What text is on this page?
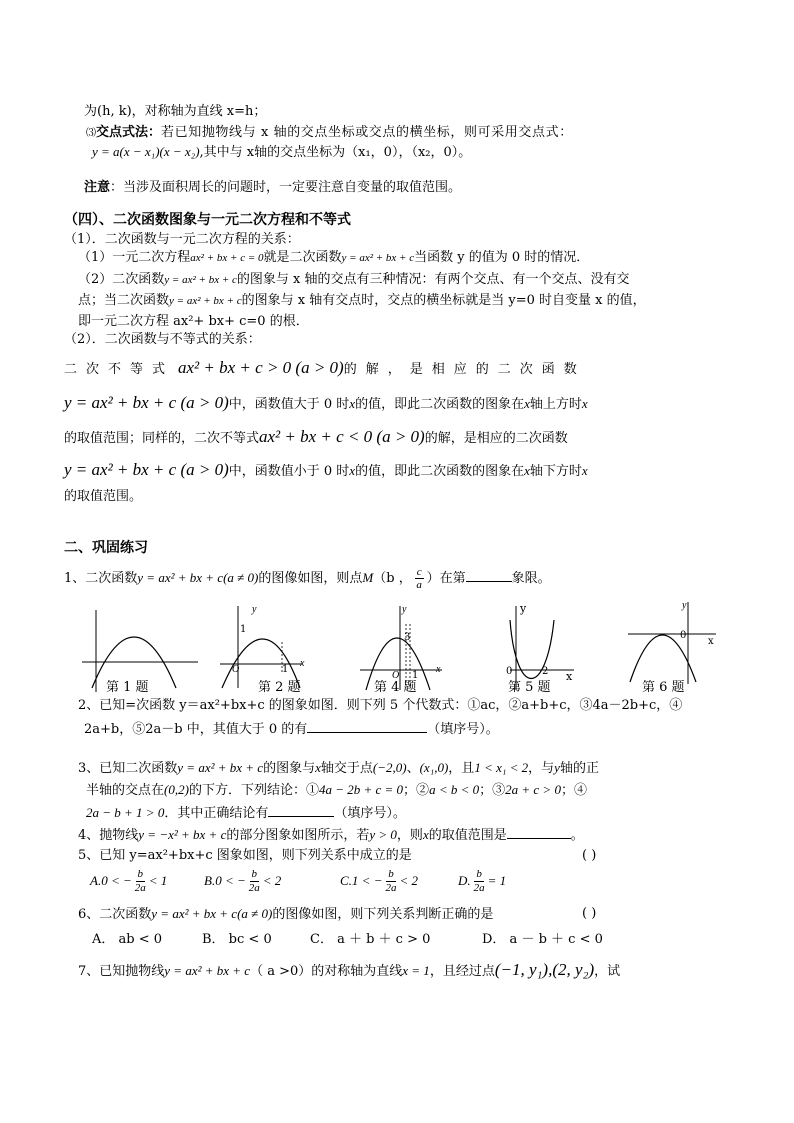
为(h, k)，对称轴为直线 x=h；
⑶交点式法：若已知抛物线与 x 轴的交点坐标或交点的横坐标，则可采用交点式：
y = a(x − x₁)(x − x₂),其中与 x轴的交点坐标为（x₁，0），（x₂，0）。
注意：当涉及面积周长的问题时，一定要注意自变量的取值范围。
（四）、二次函数图象与一元二次方程和不等式
（1）．二次函数与一元二次方程的关系：
（1）一元二次方程ax² + bx + c = 0就是二次函数y = ax² + bx + c当函数 y 的值为 0 时的情况．
（2）二次函数y = ax² + bx + c的图象与 x 轴的交点有三种情况：有两个交点、有一个交点、没有交
点；当二次函数y = ax² + bx + c的图象与 x 轴有交点时，交点的横坐标就是当 y=0 时自变量 x 的值，
即一元二次方程 ax²+ bx+ c=0 的根．
（2）．二次函数与不等式的关系：
二次不等式 ax² + bx + c > 0 (a > 0)的解，是相应的二次函数
y = ax² + bx + c (a > 0)中，函数值大于 0 时x的值，即此二次函数的图象在x轴上方时x
的取值范围；同样的，二次不等式ax² + bx + c < 0 (a > 0)的解，是相应的二次函数
y = ax² + bx + c (a > 0)中，函数值小于 0 时x的值，即此二次函数的图象在x轴下方时x
的取值范围。
二、巩固练习
1、二次函数y = ax² + bx + c(a ≠ 0)的图像如图，则点M（b ， $\frac{c}{a}$ ）在第	象限。
第 1 题
y
1
O	1
x
第 2 题
y
3
O 1
x
第 4 题
y
0	2 x
第 5 题
y
0
x
第 6 题
2、已知=次函数 y＝ax²+bx+c 的图象如图．则下列 5 个代数式：①ac，②a+b+c，③4a－2b+c，④
2a+b，⑤2a－b 中，其值大于 0 的有	（填序号）。
3、已知二次函数y = ax² + bx + c的图象与x轴交于点(−2,0)、(x₁,0)，且1 < x₁ < 2，与y轴的正
半轴的交点在(0,2)的下方．下列结论：①4a − 2b + c = 0；②a < b < 0；③2a + c > 0；④
2a − b + 1 > 0．其中正确结论有	（填序号）。
4、抛物线y = −x² + bx + c的部分图象如图所示，若y > 0，则x的取值范围是	。
5、已知 y=ax²+bx+c 图象如图，则下列关系中成立的是	( )
A.0 < − $\frac{b}{2a} < 1$	B.0 < − $\frac{b}{2a} < 2$	C.1 < − $\frac{b}{2a} < 2$	D. $\frac{b}{2a} = 1$
6、二次函数y = ax² + bx + c(a ≠ 0)的图像如图，则下列关系判断正确的是	( )
A． ab < 0	B． bc < 0	C． a ＋ b ＋ c > 0	D． a － b ＋ c < 0
7、已知抛物线y = ax² + bx + c（ a >0）的对称轴为直线x = 1，且经过点(−1, y₁),(2, y₂)，试
